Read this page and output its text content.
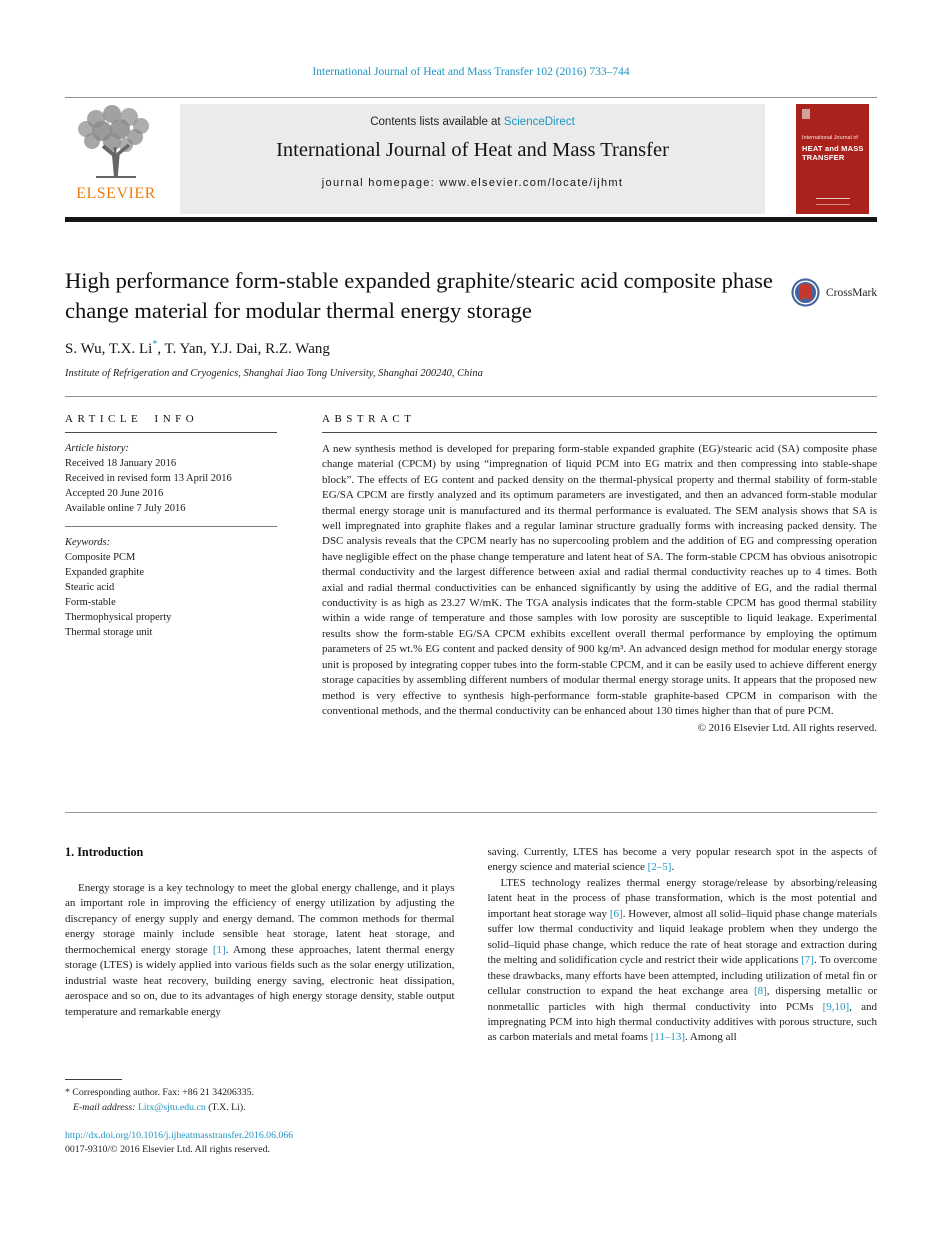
International Journal of Heat and Mass Transfer 102 (2016) 733–744
ELSEVIER
Contents lists available at ScienceDirect
International Journal of Heat and Mass Transfer
journal homepage: www.elsevier.com/locate/ijhmt
International Journal of
HEAT and MASS
TRANSFER
High performance form-stable expanded graphite/stearic acid composite phase change material for modular thermal energy storage
CrossMark
S. Wu, T.X. Li*, T. Yan, Y.J. Dai, R.Z. Wang
Institute of Refrigeration and Cryogenics, Shanghai Jiao Tong University, Shanghai 200240, China
ARTICLE INFO
Article history:
Received 18 January 2016
Received in revised form 13 April 2016
Accepted 20 June 2016
Available online 7 July 2016
Keywords:
Composite PCM
Expanded graphite
Stearic acid
Form-stable
Thermophysical property
Thermal storage unit
ABSTRACT

A new synthesis method is developed for preparing form-stable expanded graphite (EG)/stearic acid (SA) composite phase change material (CPCM) by using “impregnation of liquid PCM into EG matrix and then compressing into stable-shape block”. The effects of EG content and packed density on the thermal-physical property and thermal stability of form-stable EG/SA CPCM are firstly analyzed and its optimum parameters are investigated, and then an advanced form-stable modular thermal energy storage unit is manufactured and its thermal performance is evaluated. The SEM analysis shows that SA is well impregnated into graphite flakes and a regular laminar structure gradually forms with increasing packed density. The DSC analysis reveals that the CPCM nearly has no supercooling problem and the addition of EG and compressing operation have negligible effect on the phase change temperature and latent heat of SA. The form-stable CPCM has obvious anisotropic thermal conductivity and the largest difference between axial and radial thermal conductivity reaches up to 4 times. Both axial and radial thermal conductivities can be enhanced significantly by using the additive of EG, and the radial thermal conductivity is as high as 23.27 W/mK. The TGA analysis indicates that the form-stable CPCM has good thermal stability within a wide range of temperature and those samples with low porosity are susceptible to liquid leakage. Experimental results show the form-stable EG/SA CPCM exhibits excellent overall thermal performance by employing the optimum parameters of 25 wt.% EG content and packed density of 900 kg/m³. An advanced design method for modular energy storage unit is proposed by integrating copper tubes into the form-stable CPCM, and it can be easily used to achieve different energy storage capacities by assembling different numbers of modular thermal energy storage units. It appears that the proposed new method is very effective to synthesis high-performance form-stable graphite-based CPCM in comparison with the conventional methods, and the thermal conductivity can be enhanced about 130 times higher than that of pure PCM.

© 2016 Elsevier Ltd. All rights reserved.
1. Introduction

Energy storage is a key technology to meet the global energy challenge, and it plays an important role in improving the efficiency of energy utilization by adjusting the discrepancy of energy supply and energy demand. The common methods for thermal energy storage mainly include sensible heat storage, latent heat storage, and thermochemical energy storage [1]. Among these approaches, latent thermal energy storage (LTES) is widely applied into various fields such as the solar energy utilization, industrial waste heat recovery, building energy saving, electronic heat dissipation, aerospace and so on, due to its advantages of high energy storage density, stable output temperature and remarkable energy

saving. Currently, LTES has become a very popular research spot in the aspects of energy science and material science [2–5].

LTES technology realizes thermal energy storage/release by absorbing/releasing latent heat in the process of phase transformation, which is the most potential and important heat storage way [6]. However, almost all solid–liquid phase change materials suffer low thermal conductivity and liquid leakage problem when they undergo the solid–liquid phase change, which reduce the rate of heat storage and extraction during the melting and solidification cycle and restrict their wide applications [7]. To overcome these drawbacks, many efforts have been attempted, including utilization of metal fin or cellular construction to expand the heat exchange area [8], dispersing metallic or nonmetallic particles with high thermal conductivity into PCMs [9,10], and impregnating PCM into high thermal conductivity additives with porous structure, such as carbon materials and metal foams [11–13]. Among all

* Corresponding author. Fax: +86 21 34206335.
E-mail address: Litx@sjtu.edu.cn (T.X. Li).
http://dx.doi.org/10.1016/j.ijheatmasstransfer.2016.06.066
0017-9310/© 2016 Elsevier Ltd. All rights reserved.
